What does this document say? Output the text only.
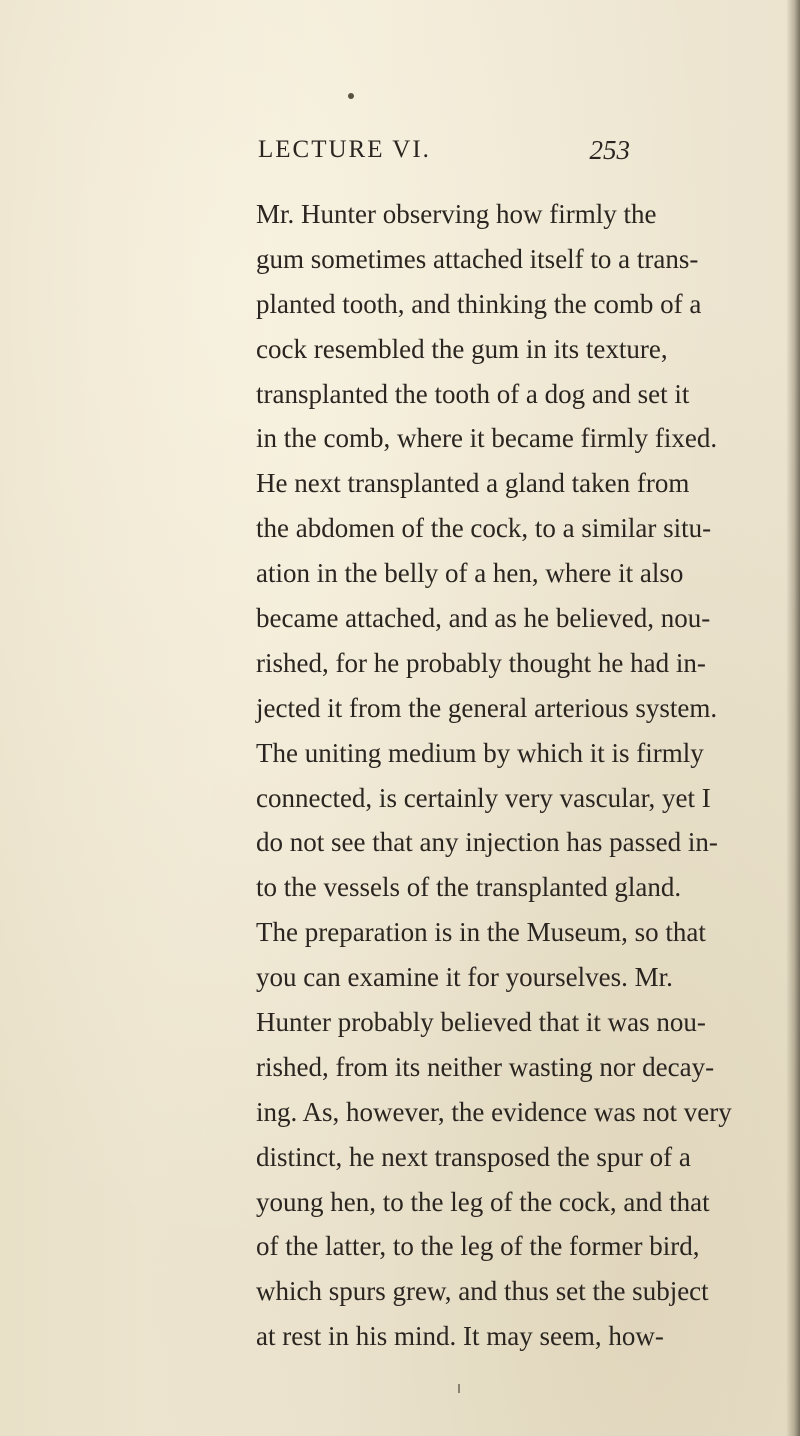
LECTURE VI.	253
Mr. Hunter observing how firmly the
gum sometimes attached itself to a trans-
planted tooth, and thinking the comb of a
cock resembled the gum in its texture,
transplanted the tooth of a dog and set it
in the comb, where it became firmly fixed.
He next transplanted a gland taken from
the abdomen of the cock, to a similar situ-
ation in the belly of a hen, where it also
became attached, and as he believed, nou-
rished, for he probably thought he had in-
jected it from the general arterious system.
The uniting medium by which it is firmly
connected, is certainly very vascular, yet I
do not see that any injection has passed in-
to the vessels of the transplanted gland.
The preparation is in the Museum, so that
you can examine it for yourselves. Mr.
Hunter probably believed that it was nou-
rished, from its neither wasting nor decay-
ing. As, however, the evidence was not very
distinct, he next transposed the spur of a
young hen, to the leg of the cock, and that
of the latter, to the leg of the former bird,
which spurs grew, and thus set the subject
at rest in his mind. It may seem, how-
